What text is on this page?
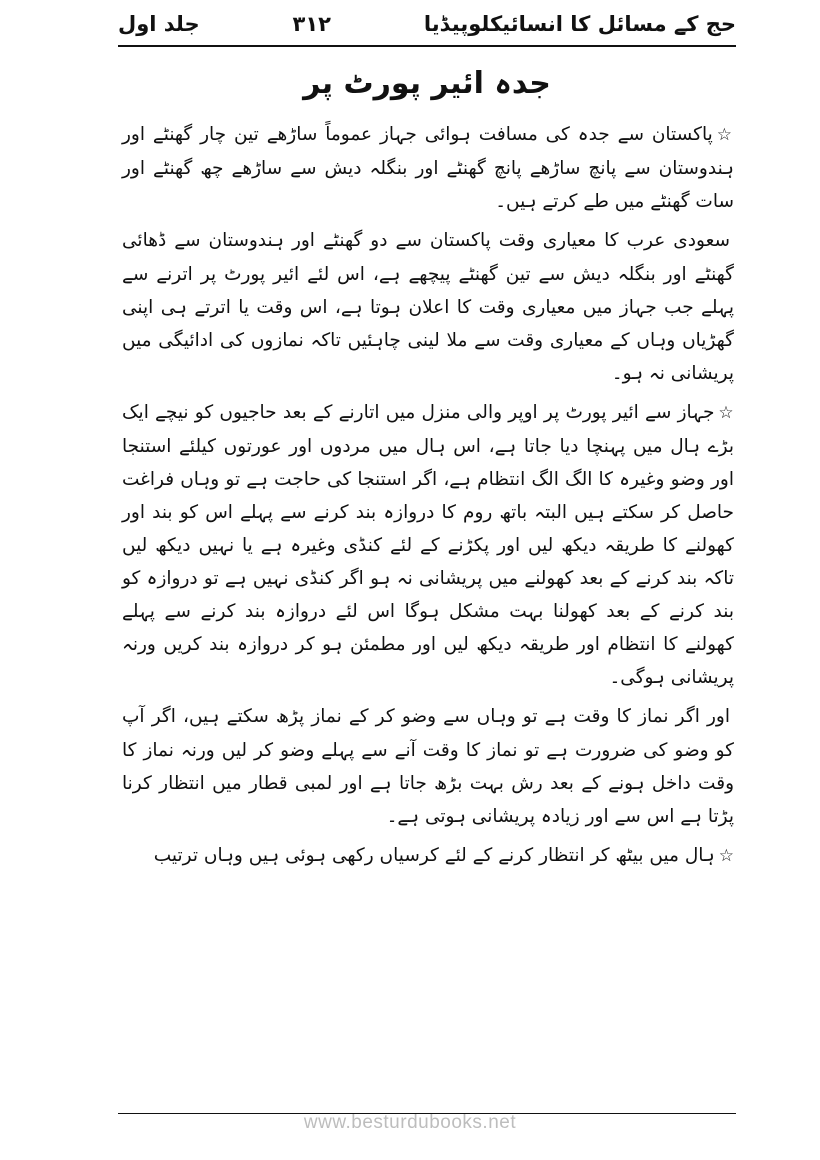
حج کے مسائل کا انسائیکلوپیڈیا
۳۱۲
جلد اول
جدہ ائیر پورٹ پر

☆پاکستان سے جدہ کی مسافت ہوائی جہاز عموماً ساڑھے تین چار گھنٹے اور ہندوستان سے پانچ ساڑھے پانچ گھنٹے اور بنگلہ دیش سے ساڑھے چھ گھنٹے اور سات گھنٹے میں طے کرتے ہیں۔

سعودی عرب کا معیاری وقت پاکستان سے دو گھنٹے اور ہندوستان سے ڈھائی گھنٹے اور بنگلہ دیش سے تین گھنٹے پیچھے ہے، اس لئے ائیر پورٹ پر اترنے سے پہلے جب جہاز میں معیاری وقت کا اعلان ہوتا ہے، اس وقت یا اترتے ہی اپنی گھڑیاں وہاں کے معیاری وقت سے ملا لینی چاہئیں تاکہ نمازوں کی ادائیگی میں پریشانی نہ ہو۔

☆جہاز سے ائیر پورٹ پر اوپر والی منزل میں اتارنے کے بعد حاجیوں کو نیچے ایک بڑے ہال میں پہنچا دیا جاتا ہے، اس ہال میں مردوں اور عورتوں کیلئے استنجا اور وضو وغیرہ کا الگ الگ انتظام ہے، اگر استنجا کی حاجت ہے تو وہاں فراغت حاصل کر سکتے ہیں البتہ باتھ روم کا دروازہ بند کرنے سے پہلے اس کو بند اور کھولنے کا طریقہ دیکھ لیں اور پکڑنے کے لئے کنڈی وغیرہ ہے یا نہیں دیکھ لیں تاکہ بند کرنے کے بعد کھولنے میں پریشانی نہ ہو اگر کنڈی نہیں ہے تو دروازہ کو بند کرنے کے بعد کھولنا بہت مشکل ہوگا اس لئے دروازہ بند کرنے سے پہلے کھولنے کا انتظام اور طریقہ دیکھ لیں اور مطمئن ہو کر دروازہ بند کریں ورنہ پریشانی ہوگی۔

اور اگر نماز کا وقت ہے تو وہاں سے وضو کر کے نماز پڑھ سکتے ہیں، اگر آپ کو وضو کی ضرورت ہے تو نماز کا وقت آنے سے پہلے وضو کر لیں ورنہ نماز کا وقت داخل ہونے کے بعد رش بہت بڑھ جاتا ہے اور لمبی قطار میں انتظار کرنا پڑتا ہے اس سے اور زیادہ پریشانی ہوتی ہے۔

☆ہال میں بیٹھ کر انتظار کرنے کے لئے کرسیاں رکھی ہوئی ہیں وہاں ترتیب

www.besturdubooks.net
